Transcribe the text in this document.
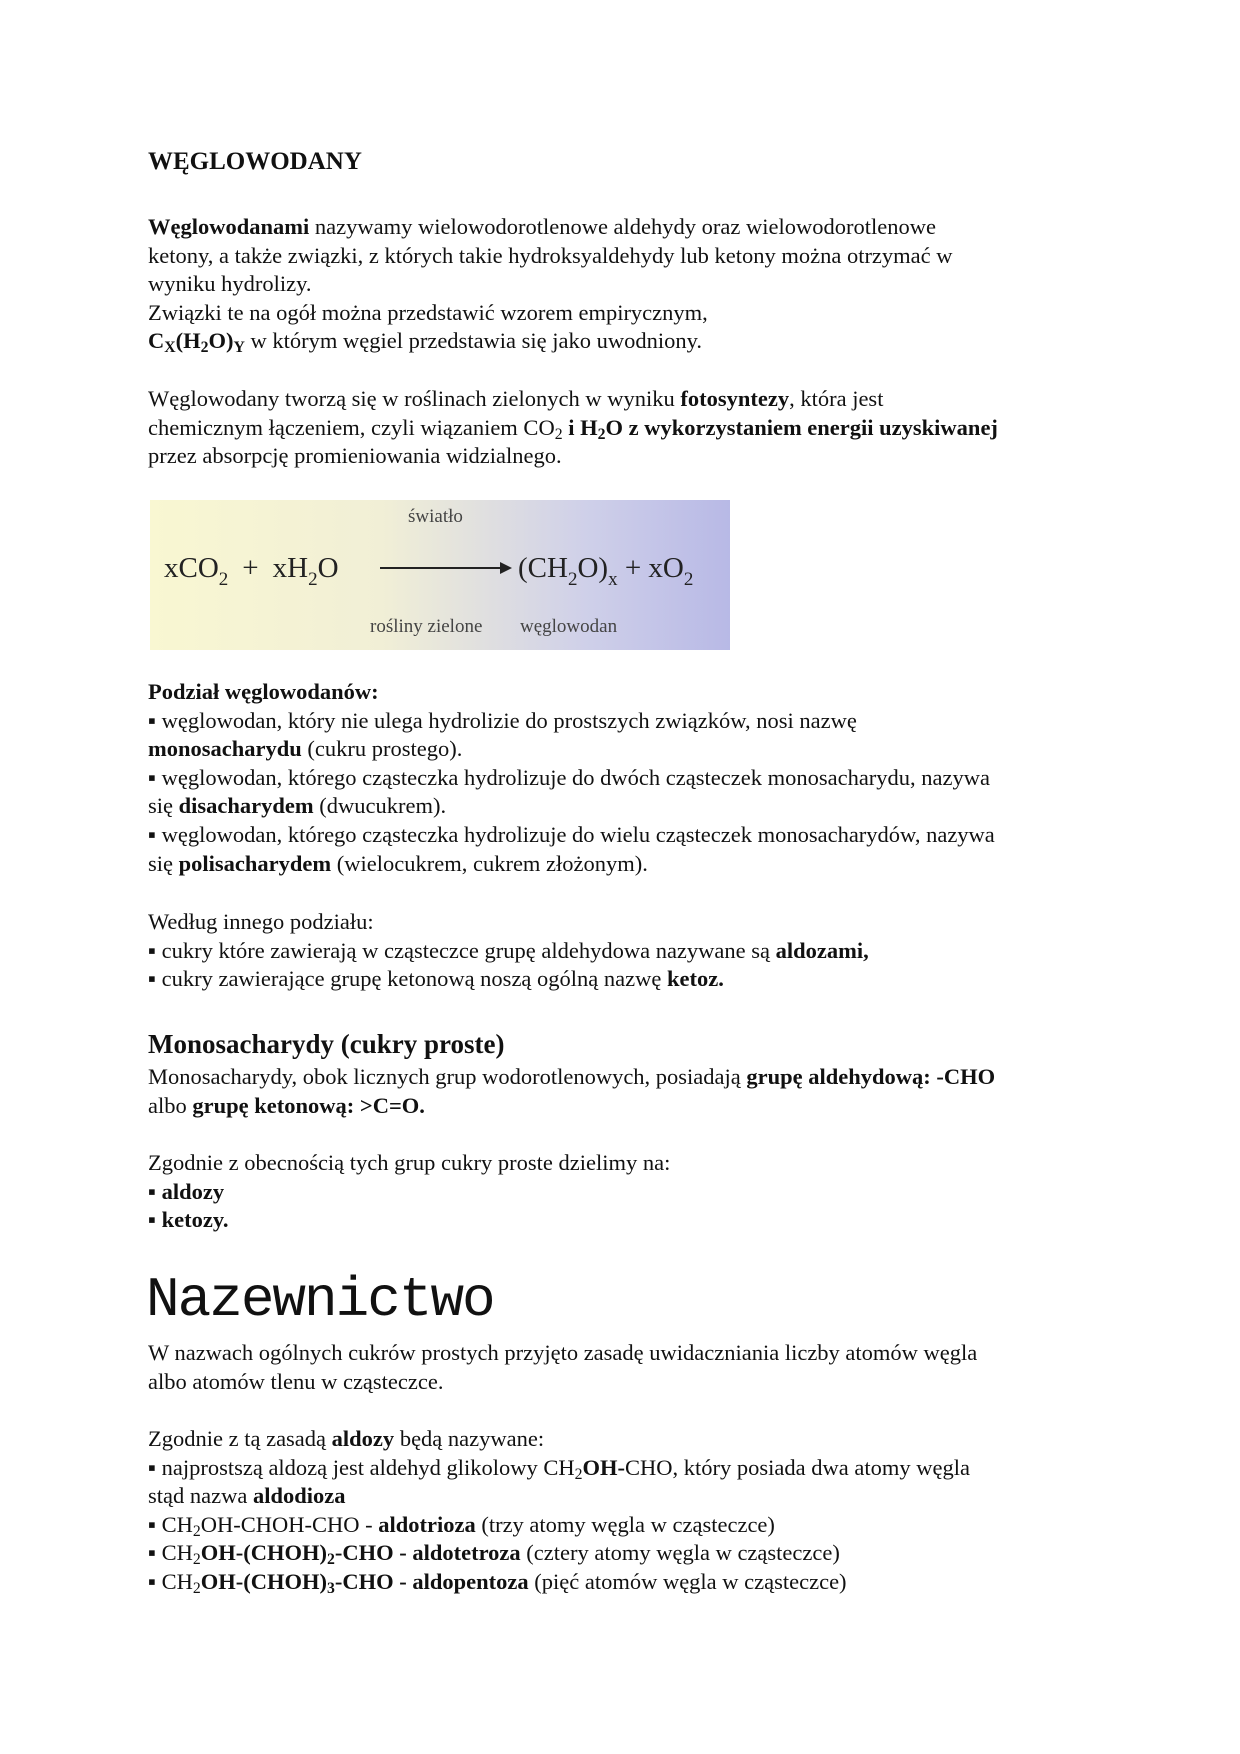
WĘGLOWODANY
Węglowodanami nazywamy wielowodorotlenowe aldehydy oraz wielowodorotlenowe
ketony, a także związki, z których takie hydroksyaldehydy lub ketony można otrzymać w
wyniku hydrolizy.
Związki te na ogół można przedstawić wzorem empirycznym,
$C_X(H_2O)_Y$ w którym węgiel przedstawia się jako uwodniony.
Węglowodany tworzą się w roślinach zielonych w wyniku fotosyntezy, która jest
chemicznym łączeniem, czyli wiązaniem $CO_2$ i $H_2O$ z wykorzystaniem energii uzyskiwanej
przez absorpcję promieniowania widzialnego.
światło
$xCO_2 + xH_2O$	$(CH_2O)_x + xO_2$
rośliny zielone węglowodan
Podział węglowodanów:
▪ węglowodan, który nie ulega hydrolizie do prostszych związków, nosi nazwę
monosacharydu (cukru prostego).
▪ węglowodan, którego cząsteczka hydrolizuje do dwóch cząsteczek monosacharydu, nazywa
się disacharydem (dwucukrem).
▪ węglowodan, którego cząsteczka hydrolizuje do wielu cząsteczek monosacharydów, nazywa
się polisacharydem (wielocukrem, cukrem złożonym).
Według innego podziału:
▪ cukry które zawierają w cząsteczce grupę aldehydowa nazywane są aldozami,
▪ cukry zawierające grupę ketonową noszą ogólną nazwę ketoz.
Monosacharydy (cukry proste)
Monosacharydy, obok licznych grup wodorotlenowych, posiadają grupę aldehydową: -CHO
albo grupę ketonową: >C=O.
Zgodnie z obecnością tych grup cukry proste dzielimy na:
▪ aldozy
▪ ketozy.
Nazewnictwo
W nazwach ogólnych cukrów prostych przyjęto zasadę uwidaczniania liczby atomów węgla
albo atomów tlenu w cząsteczce.
Zgodnie z tą zasadą aldozy będą nazywane:
▪ najprostszą aldozą jest aldehyd glikolowy $CH_2OH$-CHO, który posiada dwa atomy węgla
stąd nazwa aldodioza
▪ $CH_2OH-CHOH$-CHO - aldotrioza (trzy atomy węgla w cząsteczce)
▪ $CH_2OH-(CHOH)_2$-CHO - aldotetroza (cztery atomy węgla w cząsteczce)
▪ $CH_2OH-(CHOH)_3$-CHO - aldopentoza (pięć atomów węgla w cząsteczce)
